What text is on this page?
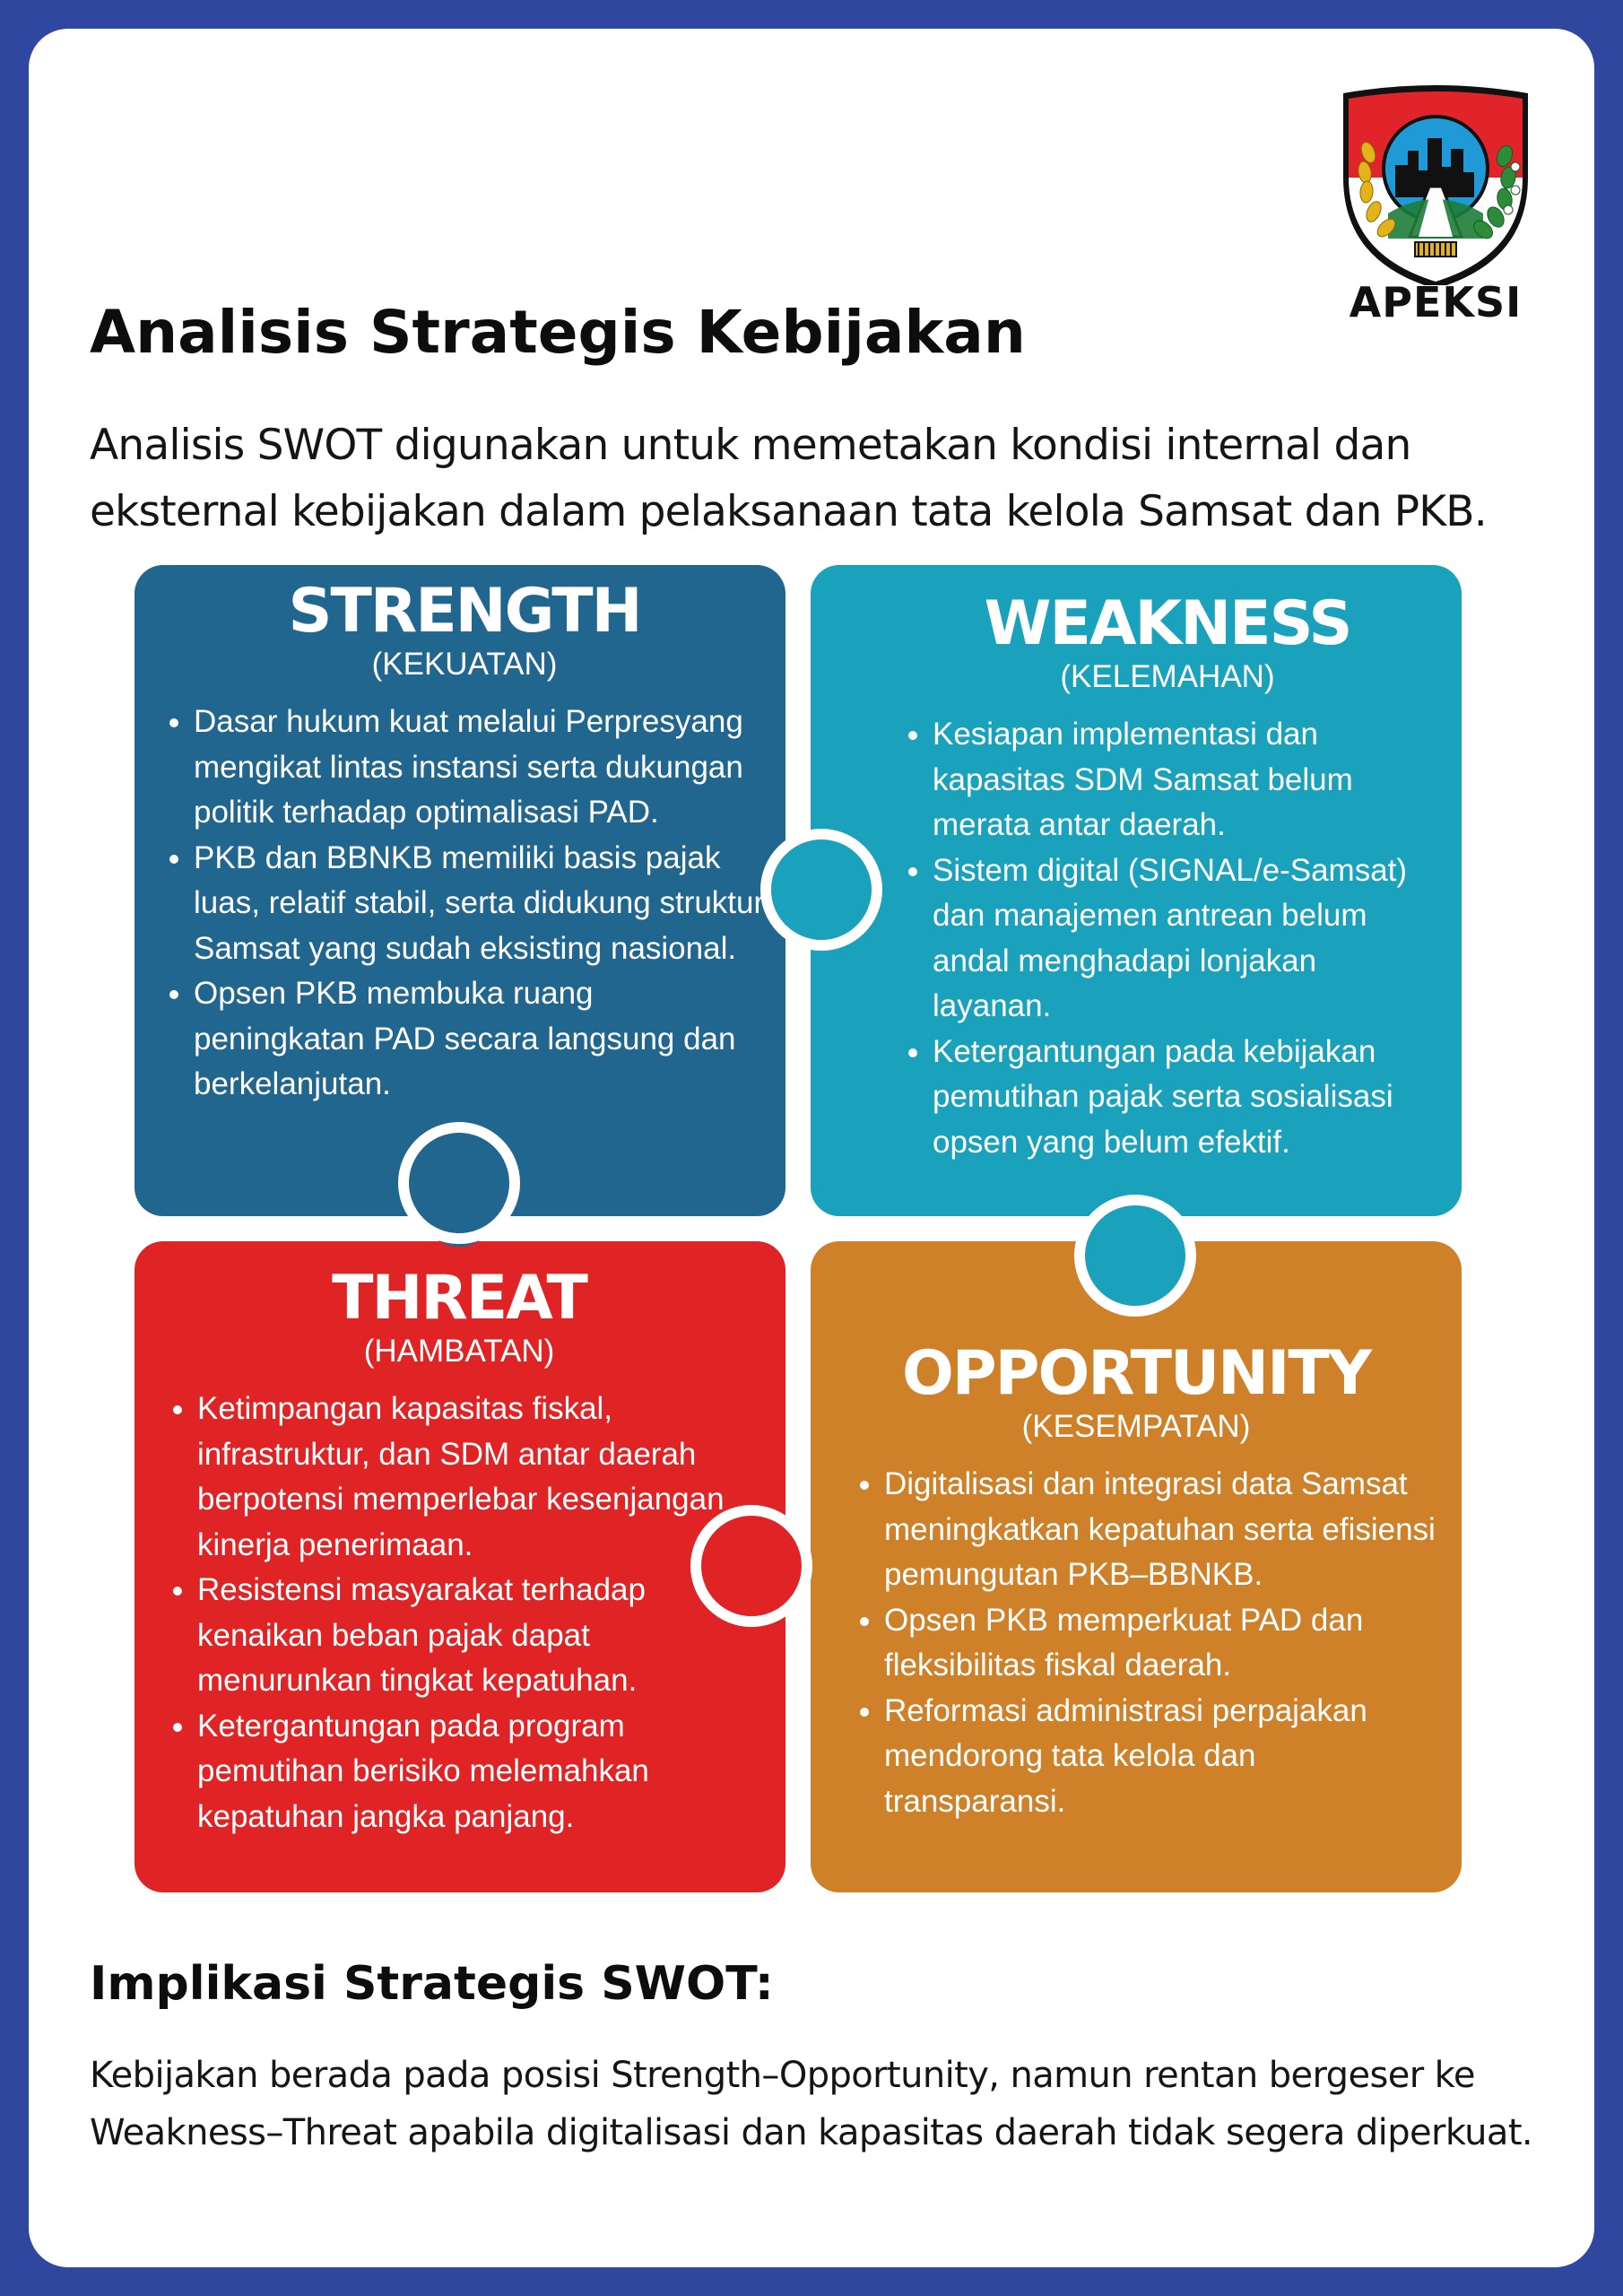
APEKSI
Analisis Strategis Kebijakan

Analisis SWOT digunakan untuk memetakan kondisi internal dan eksternal kebijakan dalam pelaksanaan tata kelola Samsat dan PKB.

STRENGTH
(KEKUATAN)
• Dasar hukum kuat melalui Perpresyang mengikat lintas instansi serta dukungan politik terhadap optimalisasi PAD.
• PKB dan BBNKB memiliki basis pajak luas, relatif stabil, serta didukung struktur Samsat yang sudah eksisting nasional.
• Opsen PKB membuka ruang peningkatan PAD secara langsung dan berkelanjutan.
WEAKNESS
(KELEMAHAN)
• Kesiapan implementasi dan kapasitas SDM Samsat belum merata antar daerah.
• Sistem digital (SIGNAL/e-Samsat) dan manajemen antrean belum andal menghadapi lonjakan layanan.
• Ketergantungan pada kebijakan pemutihan pajak serta sosialisasi opsen yang belum efektif.
THREAT
(HAMBATAN)
• Ketimpangan kapasitas fiskal, infrastruktur, dan SDM antar daerah berpotensi memperlebar kesenjangan kinerja penerimaan.
• Resistensi masyarakat terhadap kenaikan beban pajak dapat menurunkan tingkat kepatuhan.
• Ketergantungan pada program pemutihan berisiko melemahkan kepatuhan jangka panjang.
OPPORTUNITY
(KESEMPATAN)
• Digitalisasi dan integrasi data Samsat meningkatkan kepatuhan serta efisiensi pemungutan PKB–BBNKB.
• Opsen PKB memperkuat PAD dan fleksibilitas fiskal daerah.
• Reformasi administrasi perpajakan mendorong tata kelola dan transparansi.
Implikasi Strategis SWOT:

Kebijakan berada pada posisi Strength–Opportunity, namun rentan bergeser ke Weakness–Threat apabila digitalisasi dan kapasitas daerah tidak segera diperkuat.
